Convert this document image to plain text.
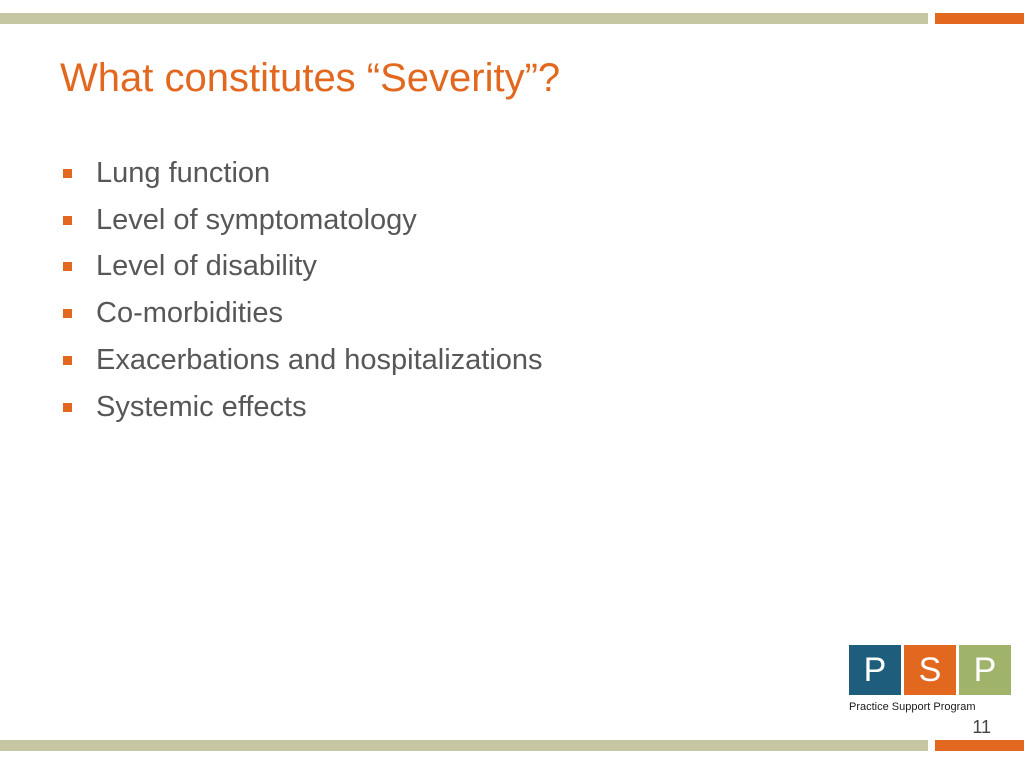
What constitutes “Severity”?
Lung function
Level of symptomatology
Level of disability
Co-morbidities
Exacerbations and hospitalizations
Systemic effects
P S P
Practice Support Program
11
